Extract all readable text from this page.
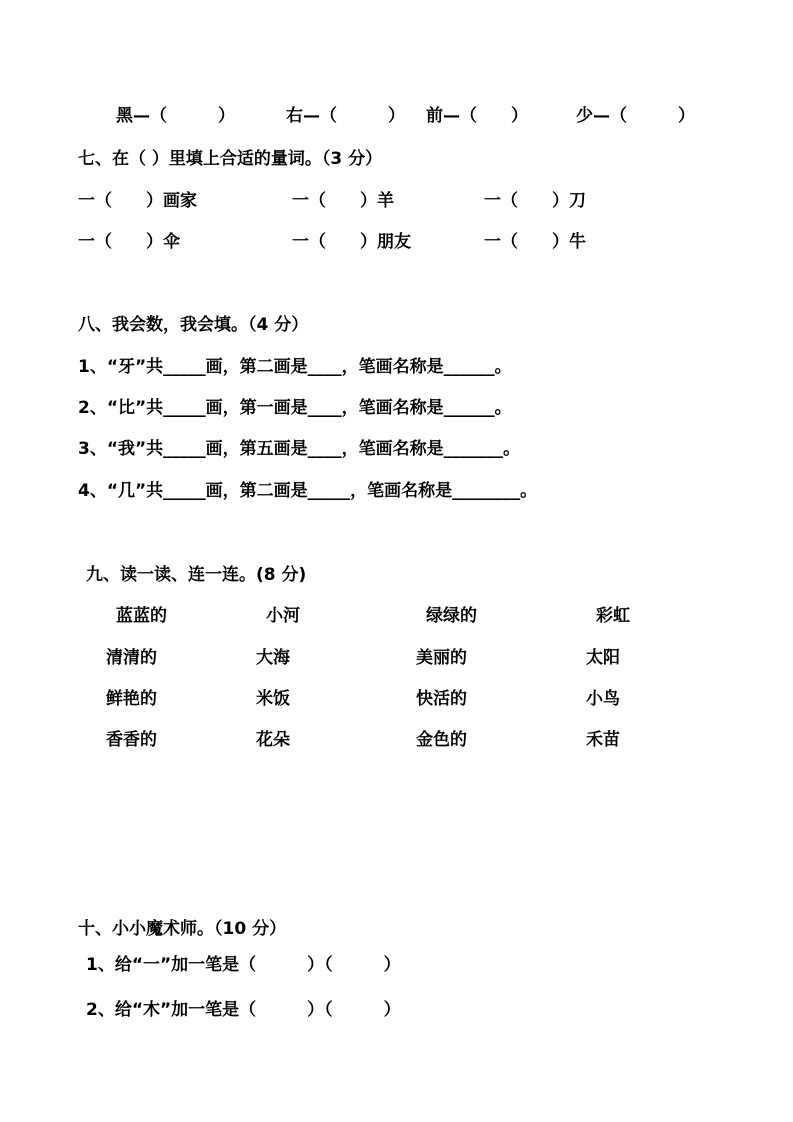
黑—（　　　）	右—（　　　） 前—（　　）	少—（　　　）
七、在（ ）里填上合适的量词。（3 分）
一（　　）画家	一（　　）羊	一（　　）刀
一（　　）伞	一（　　）朋友	一（　　）牛
八、我会数，我会填。（4 分）
1、“牙”共_____画，第二画是____，笔画名称是______。
2、“比”共_____画，第一画是____，笔画名称是______。
3、“我”共_____画，第五画是____，笔画名称是_______。
4、“几”共_____画，第二画是_____，笔画名称是________。
九、读一读、连一连。(8 分)
蓝蓝的	小河	绿绿的	彩虹
清清的	大海	美丽的	太阳
鲜艳的	米饭	快活的	小鸟
香香的	花朵	金色的	禾苗
十、小小魔术师。（10 分）
1、给“一”加一笔是（　　　）（　　　）
2、给“木”加一笔是（　　　）（　　　）
